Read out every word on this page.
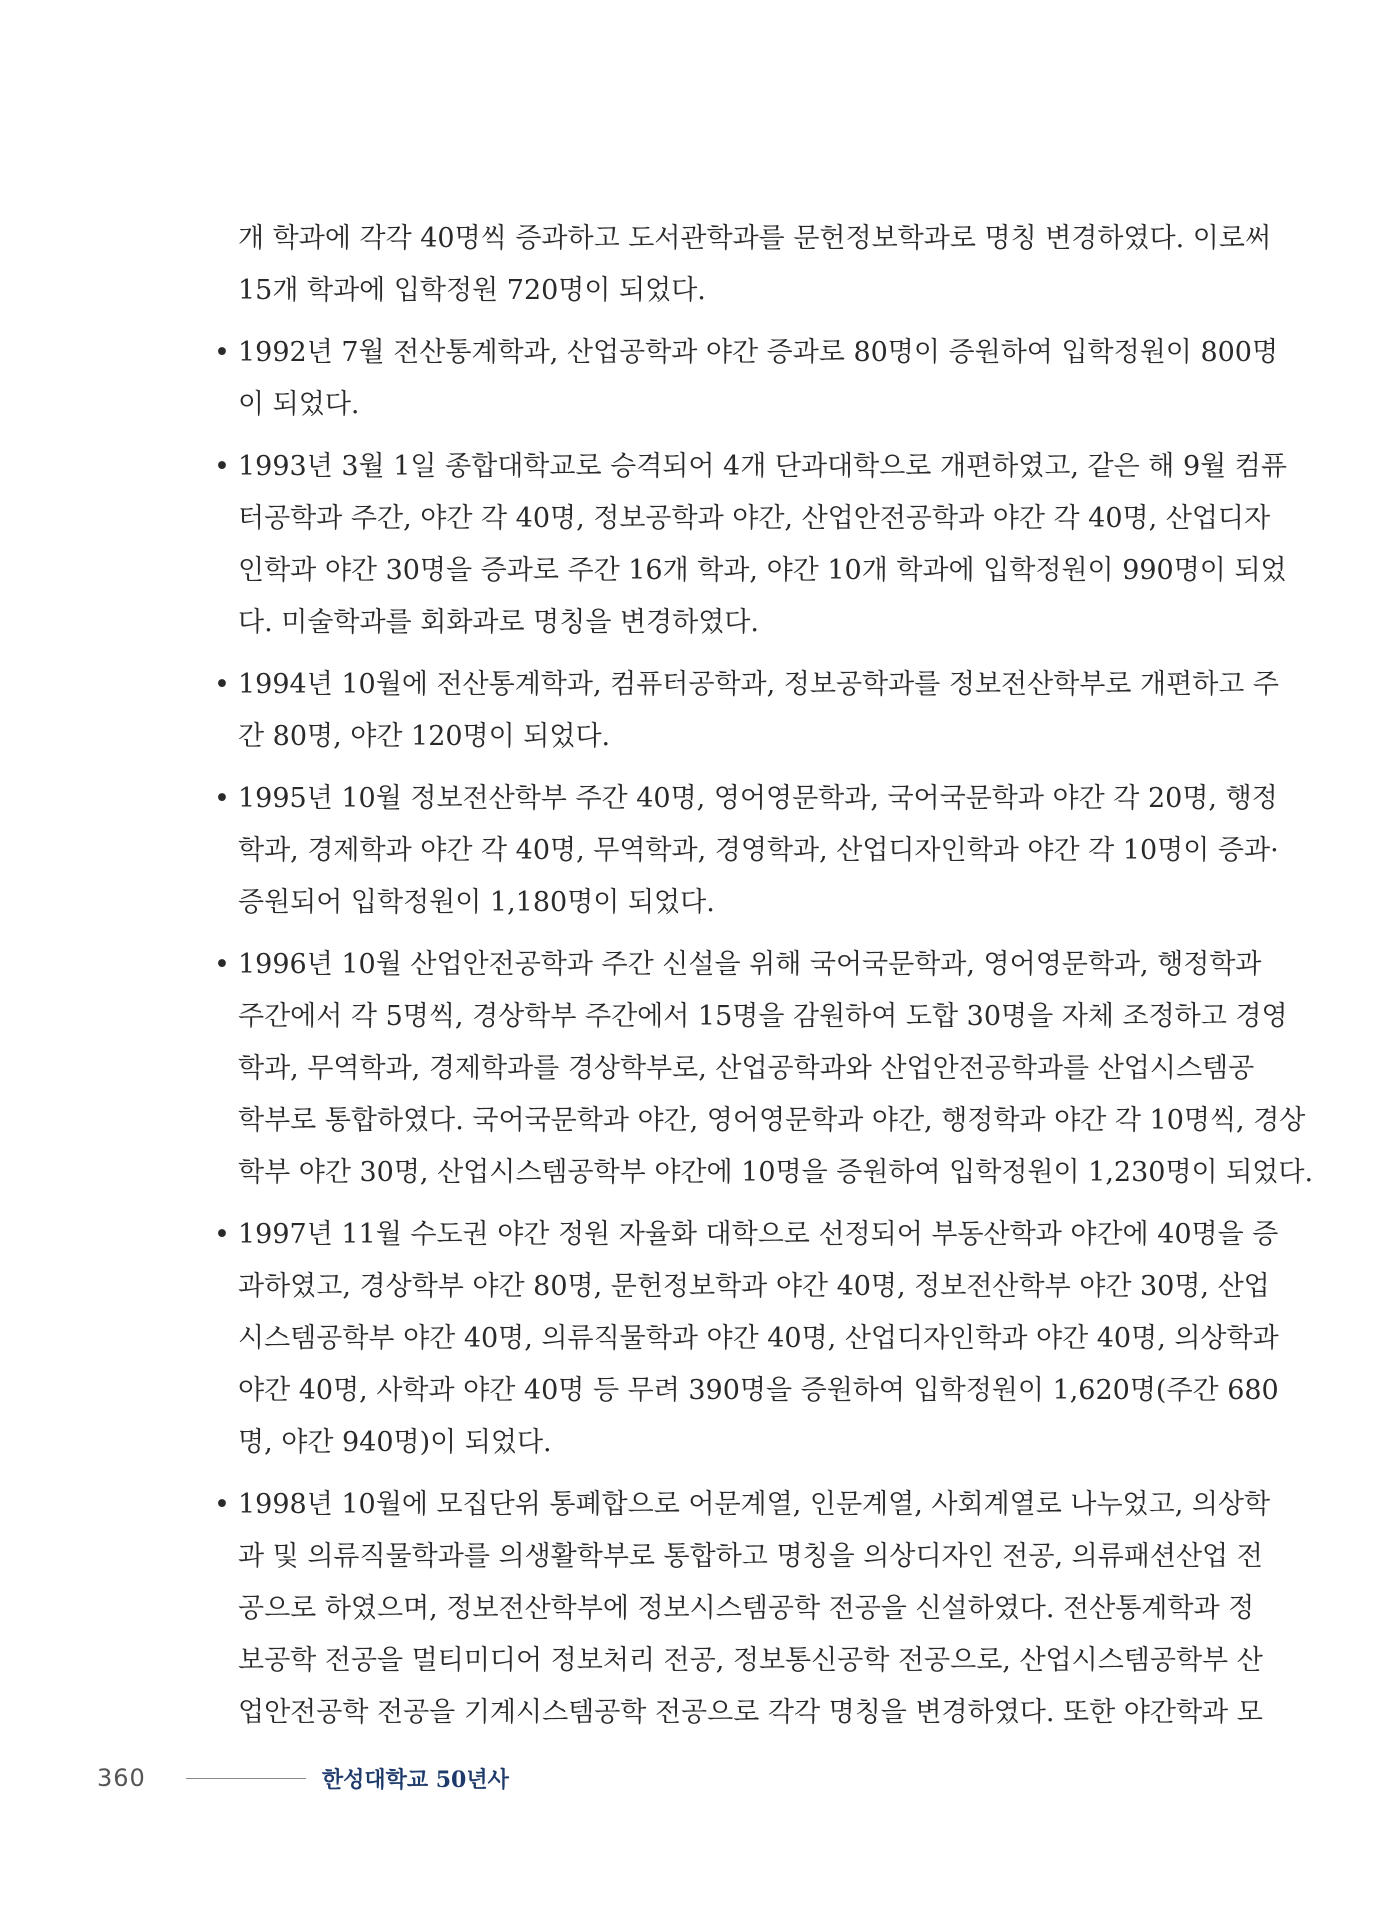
개 학과에 각각 40명씩 증과하고 도서관학과를 문헌정보학과로 명칭 변경하였다. 이로써

15개 학과에 입학정원 720명이 되었다.

• 1992년 7월 전산통계학과, 산업공학과 야간 증과로 80명이 증원하여 입학정원이 800명

이 되었다.

• 1993년 3월 1일 종합대학교로 승격되어 4개 단과대학으로 개편하였고, 같은 해 9월 컴퓨

터공학과 주간, 야간 각 40명, 정보공학과 야간, 산업안전공학과 야간 각 40명, 산업디자

인학과 야간 30명을 증과로 주간 16개 학과, 야간 10개 학과에 입학정원이 990명이 되었

다. 미술학과를 회화과로 명칭을 변경하였다.

• 1994년 10월에 전산통계학과, 컴퓨터공학과, 정보공학과를 정보전산학부로 개편하고 주

간 80명, 야간 120명이 되었다.

• 1995년 10월 정보전산학부 주간 40명, 영어영문학과, 국어국문학과 야간 각 20명, 행정

학과, 경제학과 야간 각 40명, 무역학과, 경영학과, 산업디자인학과 야간 각 10명이 증과·

증원되어 입학정원이 1,180명이 되었다.

• 1996년 10월 산업안전공학과 주간 신설을 위해 국어국문학과, 영어영문학과, 행정학과

주간에서 각 5명씩, 경상학부 주간에서 15명을 감원하여 도합 30명을 자체 조정하고 경영

학과, 무역학과, 경제학과를 경상학부로, 산업공학과와 산업안전공학과를 산업시스템공

학부로 통합하였다. 국어국문학과 야간, 영어영문학과 야간, 행정학과 야간 각 10명씩, 경상

학부 야간 30명, 산업시스템공학부 야간에 10명을 증원하여 입학정원이 1,230명이 되었다.

• 1997년 11월 수도권 야간 정원 자율화 대학으로 선정되어 부동산학과 야간에 40명을 증

과하였고, 경상학부 야간 80명, 문헌정보학과 야간 40명, 정보전산학부 야간 30명, 산업

시스템공학부 야간 40명, 의류직물학과 야간 40명, 산업디자인학과 야간 40명, 의상학과

야간 40명, 사학과 야간 40명 등 무려 390명을 증원하여 입학정원이 1,620명(주간 680

명, 야간 940명)이 되었다.

• 1998년 10월에 모집단위 통폐합으로 어문계열, 인문계열, 사회계열로 나누었고, 의상학

과 및 의류직물학과를 의생활학부로 통합하고 명칭을 의상디자인 전공, 의류패션산업 전

공으로 하였으며, 정보전산학부에 정보시스템공학 전공을 신설하였다. 전산통계학과 정

보공학 전공을 멀티미디어 정보처리 전공, 정보통신공학 전공으로, 산업시스템공학부 산

업안전공학 전공을 기계시스템공학 전공으로 각각 명칭을 변경하였다. 또한 야간학과 모

360	한성대학교 50년사
